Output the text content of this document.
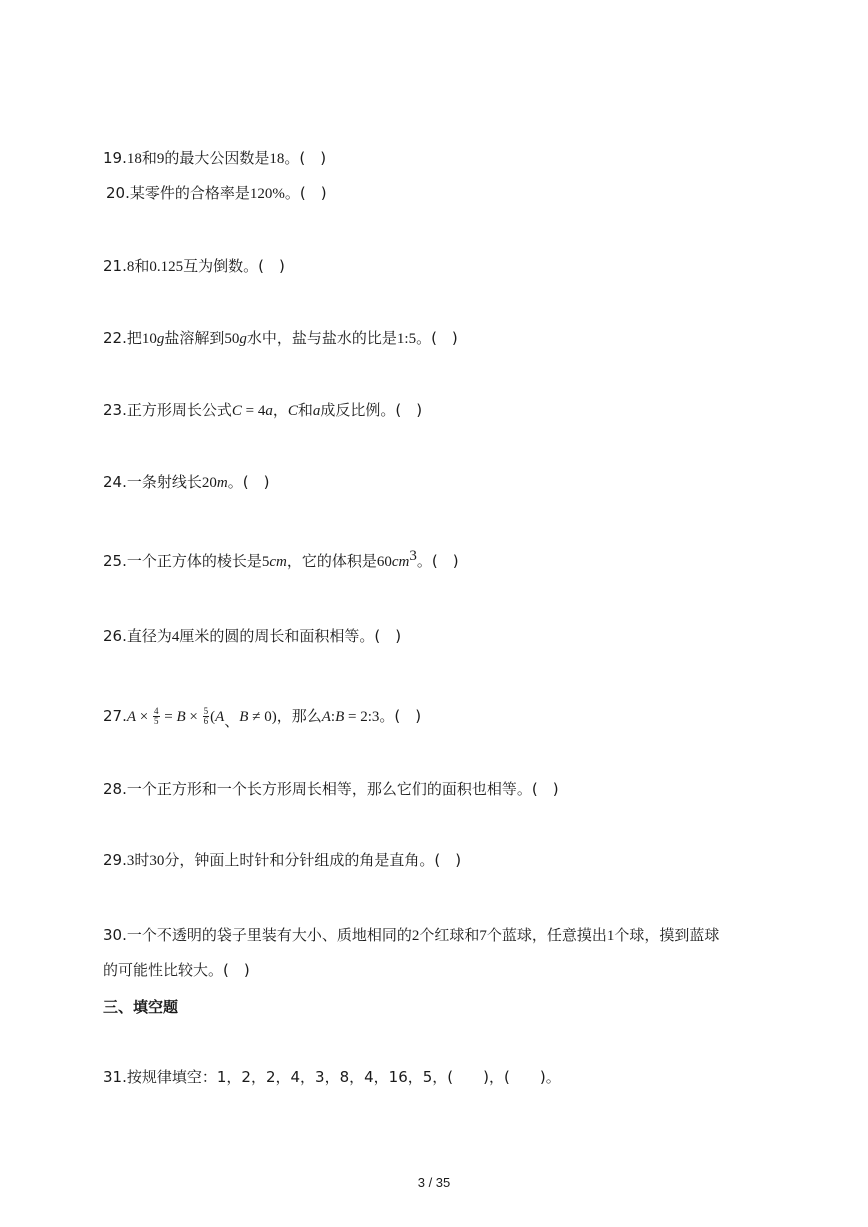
19.18和9的最大公因数是18。(　)
20.某零件的合格率是120%。(　)
21.8和0.125互为倒数。(　)
22.把10g盐溶解到50g水中，盐与盐水的比是1:5。(　)
23.正方形周长公式C = 4a，C和a成反比例。(　)
24.一条射线长20m。(　)
25.一个正方体的棱长是5cm，它的体积是$60cm^3$。(　)
26.直径为4厘米的圆的周长和面积相等。(　)
$27.A \times \frac{4}{5} = B \times \frac{5}{6} (A$、B ≠ 0)，那么A:B = 2:3。(　)
28.一个正方形和一个长方形周长相等，那么它们的面积也相等。(　)
29.3时30分，钟面上时针和分针组成的角是直角。(　)
30.一个不透明的袋子里装有大小、质地相同的2个红球和7个蓝球，任意摸出1个球，摸到蓝球
的可能性比较大。(　)
三、填空题
31.按规律填空：1，2，2，4，3，8，4，16，5，(　　)，(　　)。
3 / 35
